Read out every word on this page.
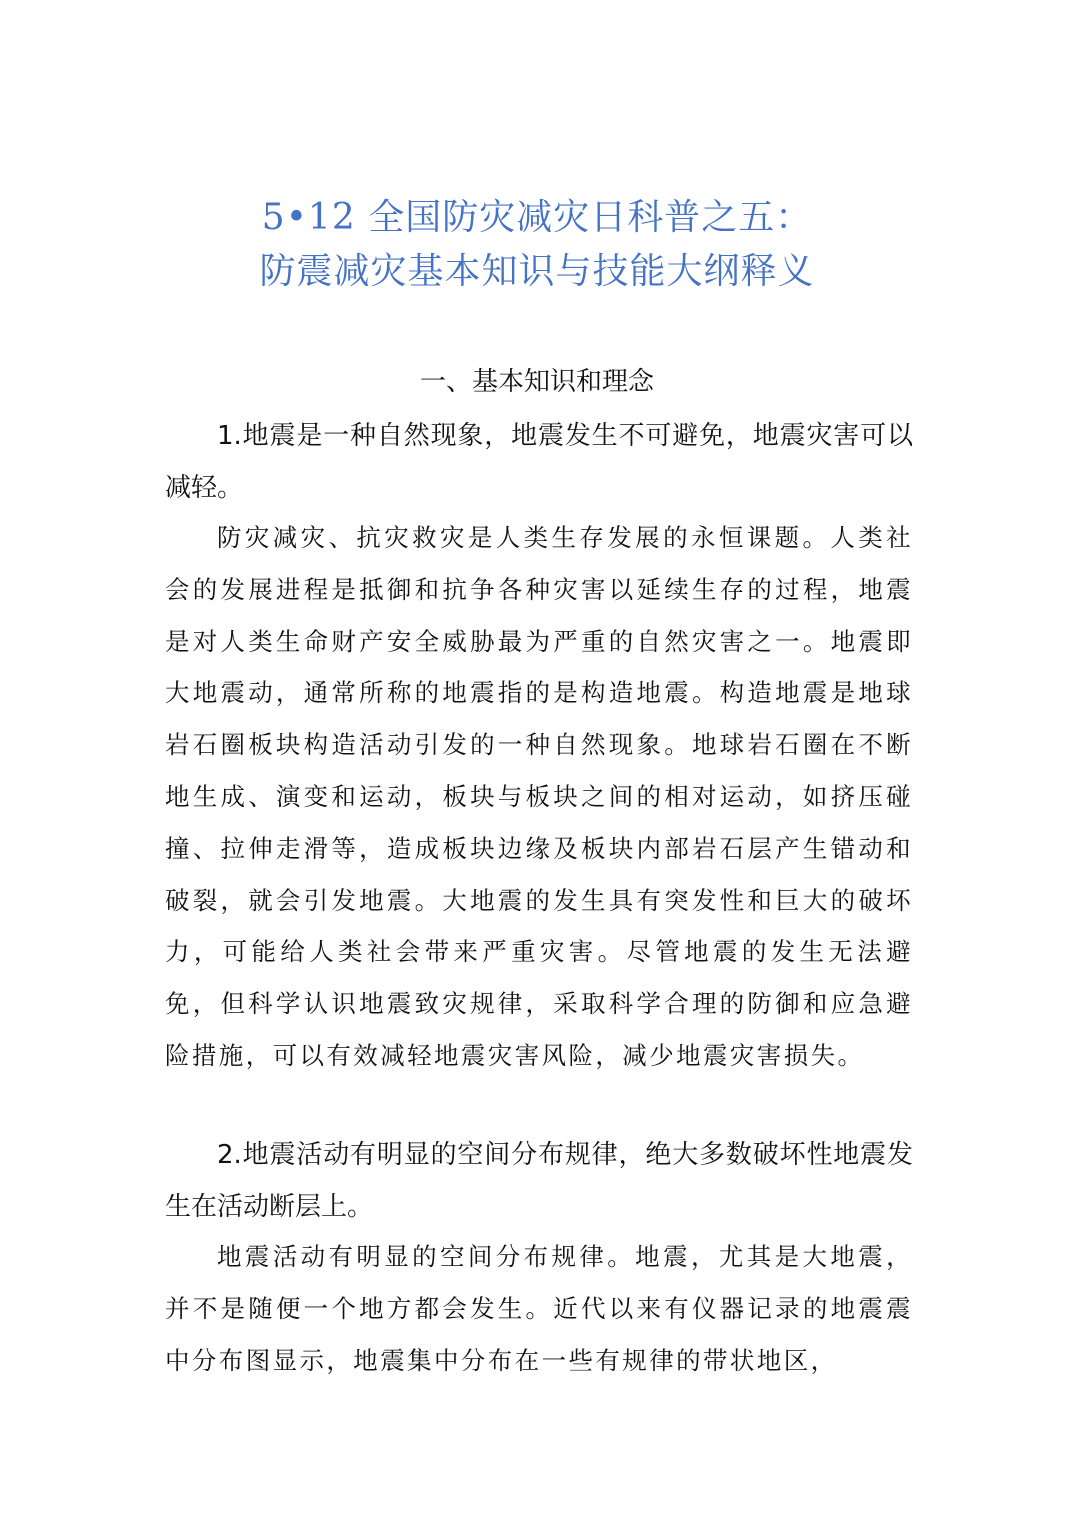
5•12 全国防灾减灾日科普之五：
防震减灾基本知识与技能大纲释义
一、基本知识和理念

1.地震是一种自然现象，地震发生不可避免，地震灾害可以减轻。

防灾减灾、抗灾救灾是人类生存发展的永恒课题。人类社会的发展进程是抵御和抗争各种灾害以延续生存的过程，地震是对人类生命财产安全威胁最为严重的自然灾害之一。地震即大地震动，通常所称的地震指的是构造地震。构造地震是地球岩石圈板块构造活动引发的一种自然现象。地球岩石圈在不断地生成、演变和运动，板块与板块之间的相对运动，如挤压碰撞、拉伸走滑等，造成板块边缘及板块内部岩石层产生错动和破裂，就会引发地震。大地震的发生具有突发性和巨大的破坏力，可能给人类社会带来严重灾害。尽管地震的发生无法避免，但科学认识地震致灾规律，采取科学合理的防御和应急避险措施，可以有效减轻地震灾害风险，减少地震灾害损失。

2.地震活动有明显的空间分布规律，绝大多数破坏性地震发生在活动断层上。

地震活动有明显的空间分布规律。地震，尤其是大地震，并不是随便一个地方都会发生。近代以来有仪器记录的地震震中分布图显示，地震集中分布在一些有规律的带状地区，
